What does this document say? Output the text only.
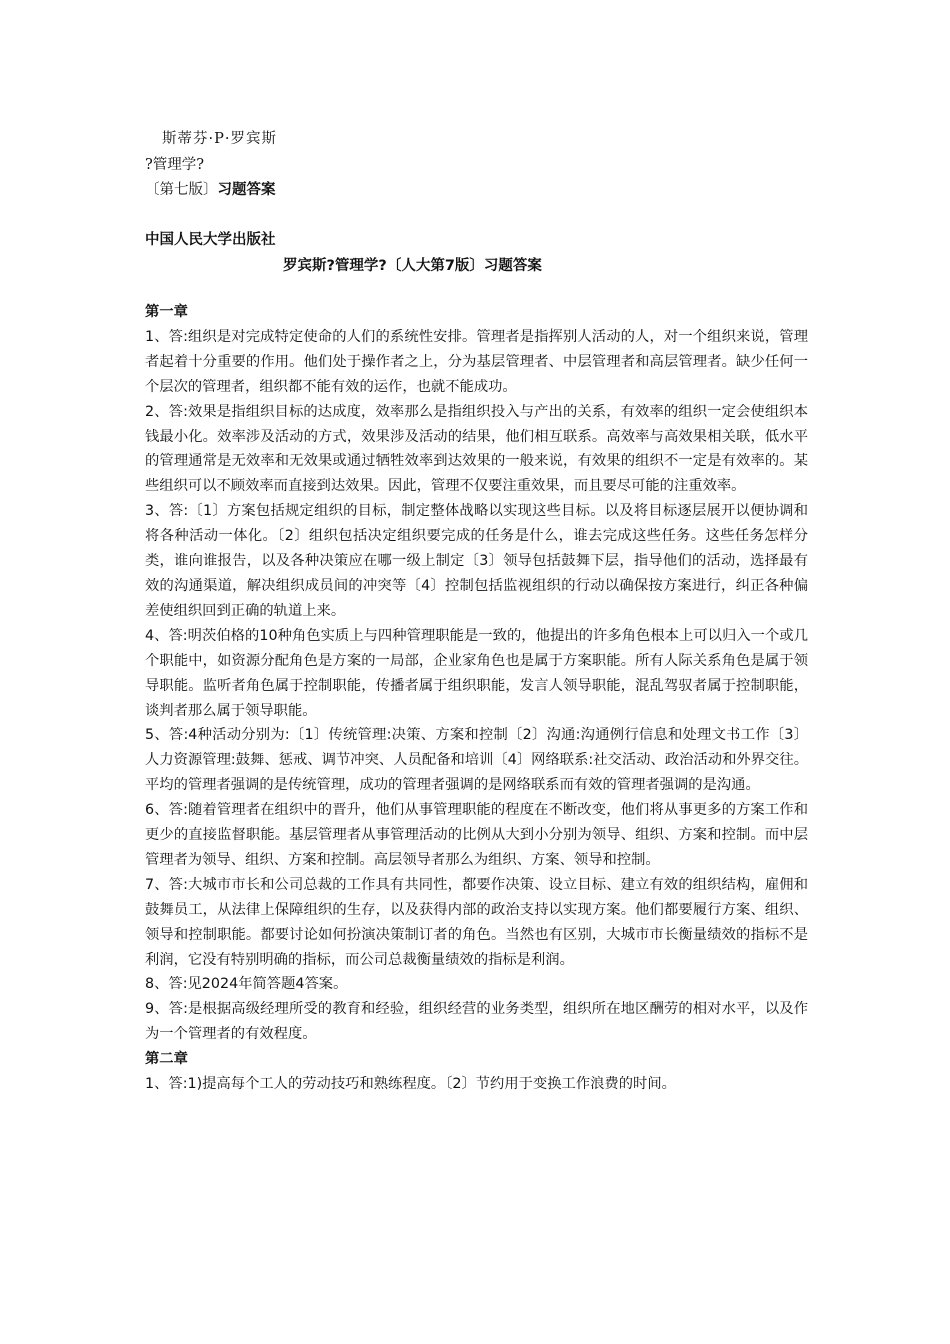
斯蒂芬·P·罗宾斯
?管理学?
〔第七版〕习题答案
中国人民大学出版社
罗宾斯?管理学?〔人大第7版〕习题答案

第一章

1、答:组织是对完成特定使命的人们的系统性安排。管理者是指挥别人活动的人，对一个组织来说，管理者起着十分重要的作用。他们处于操作者之上，分为基层管理者、中层管理者和高层管理者。缺少任何一个层次的管理者，组织都不能有效的运作，也就不能成功。

2、答:效果是指组织目标的达成度，效率那么是指组织投入与产出的关系，有效率的组织一定会使组织本钱最小化。效率涉及活动的方式，效果涉及活动的结果，他们相互联系。高效率与高效果相关联，低水平的管理通常是无效率和无效果或通过牺牲效率到达效果的一般来说，有效果的组织不一定是有效率的。某些组织可以不顾效率而直接到达效果。因此，管理不仅要注重效果，而且要尽可能的注重效率。

3、答:〔1〕方案包括规定组织的目标，制定整体战略以实现这些目标。以及将目标逐层展开以便协调和将各种活动一体化。〔2〕组织包括决定组织要完成的任务是什么，谁去完成这些任务。这些任务怎样分类，谁向谁报告，以及各种决策应在哪一级上制定〔3〕领导包括鼓舞下层，指导他们的活动，选择最有效的沟通渠道，解决组织成员间的冲突等〔4〕控制包括监视组织的行动以确保按方案进行，纠正各种偏差使组织回到正确的轨道上来。

4、答:明茨伯格的10种角色实质上与四种管理职能是一致的，他提出的许多角色根本上可以归入一个或几个职能中，如资源分配角色是方案的一局部，企业家角色也是属于方案职能。所有人际关系角色是属于领导职能。监听者角色属于控制职能，传播者属于组织职能，发言人领导职能，混乱驾驭者属于控制职能，谈判者那么属于领导职能。

5、答:4种活动分别为:〔1〕传统管理:决策、方案和控制〔2〕沟通:沟通例行信息和处理文书工作〔3〕人力资源管理:鼓舞、惩戒、调节冲突、人员配备和培训〔4〕网络联系:社交活动、政治活动和外界交往。平均的管理者强调的是传统管理，成功的管理者强调的是网络联系而有效的管理者强调的是沟通。

6、答:随着管理者在组织中的晋升，他们从事管理职能的程度在不断改变，他们将从事更多的方案工作和更少的直接监督职能。基层管理者从事管理活动的比例从大到小分别为领导、组织、方案和控制。而中层管理者为领导、组织、方案和控制。高层领导者那么为组织、方案、领导和控制。

7、答:大城市市长和公司总裁的工作具有共同性，都要作决策、设立目标、建立有效的组织结构，雇佣和鼓舞员工，从法律上保障组织的生存，以及获得内部的政治支持以实现方案。他们都要履行方案、组织、领导和控制职能。都要讨论如何扮演决策制订者的角色。当然也有区别，大城市市长衡量绩效的指标不是利润，它没有特别明确的指标，而公司总裁衡量绩效的指标是利润。

8、答:见2024年简答题4答案。

9、答:是根据高级经理所受的教育和经验，组织经营的业务类型，组织所在地区酬劳的相对水平，以及作为一个管理者的有效程度。

第二章

1、答:1)提高每个工人的劳动技巧和熟练程度。〔2〕节约用于变换工作浪费的时间。
